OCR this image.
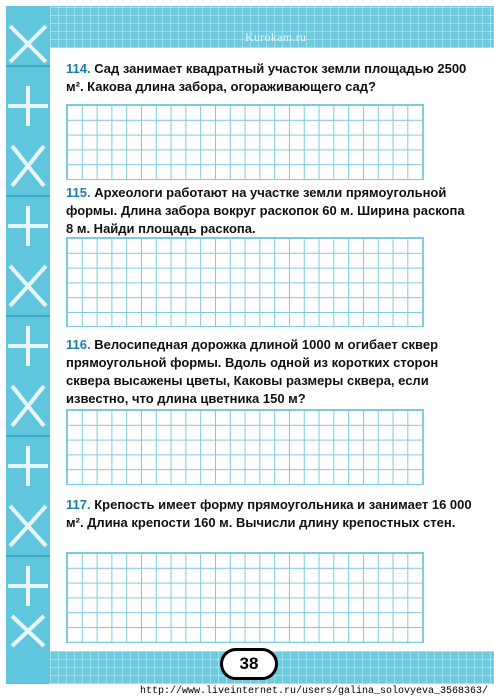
Kurokam.ru
114. Сад занимает квадратный участок земли площадью 2500 м². Какова длина забора, огораживающего сад?
115. Археологи работают на участке земли прямоугольной формы. Длина забора вокруг раскопок 60 м. Ширина раскопа 8 м. Найди площадь раскопа.
116. Велосипедная дорожка длиной 1000 м огибает сквер прямоугольной формы. Вдоль одной из коротких сторон сквера высажены цветы, Каковы размеры сквера, если известно, что длина цветника 150 м?
117. Крепость имеет форму прямоугольника и занимает 16 000 м². Длина крепости 160 м. Вычисли длину крепостных стен.
38
http://www.liveinternet.ru/users/galina_solovyeva_3568363/
